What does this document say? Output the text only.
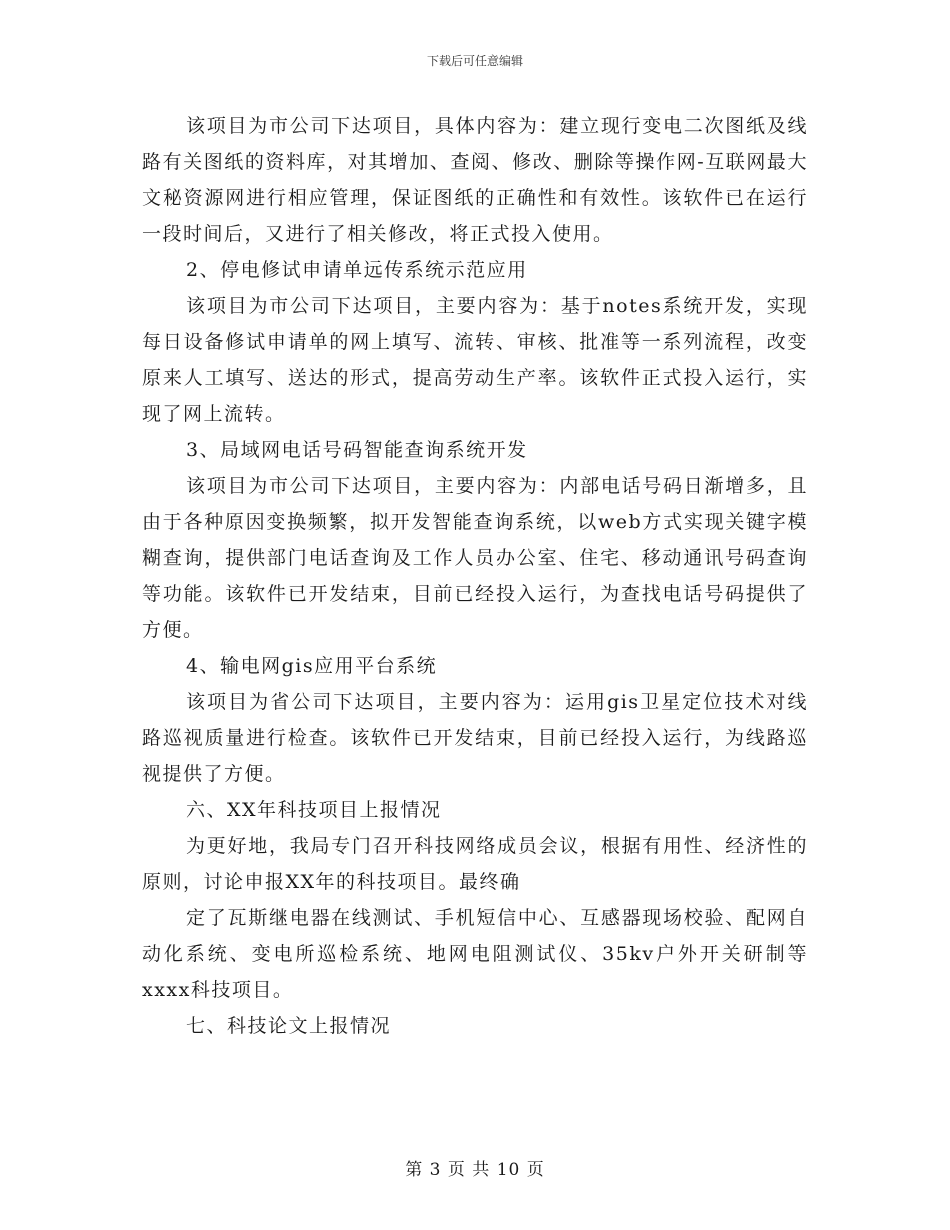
下载后可任意编辑

该项目为市公司下达项目，具体内容为：建立现行变电二次图纸及线路有关图纸的资料库，对其增加、查阅、修改、删除等操作网-互联网最大文秘资源网进行相应管理，保证图纸的正确性和有效性。该软件已在运行一段时间后，又进行了相关修改，将正式投入使用。

2、停电修试申请单远传系统示范应用

该项目为市公司下达项目，主要内容为：基于notes系统开发，实现每日设备修试申请单的网上填写、流转、审核、批准等一系列流程，改变原来人工填写、送达的形式，提高劳动生产率。该软件正式投入运行，实现了网上流转。

3、局域网电话号码智能查询系统开发

该项目为市公司下达项目，主要内容为：内部电话号码日渐增多，且由于各种原因变换频繁，拟开发智能查询系统，以web方式实现关键字模糊查询，提供部门电话查询及工作人员办公室、住宅、移动通讯号码查询等功能。该软件已开发结束，目前已经投入运行，为查找电话号码提供了方便。

4、输电网gis应用平台系统

该项目为省公司下达项目，主要内容为：运用gis卫星定位技术对线路巡视质量进行检查。该软件已开发结束，目前已经投入运行，为线路巡视提供了方便。

六、XX年科技项目上报情况

为更好地，我局专门召开科技网络成员会议，根据有用性、经济性的原则，讨论申报XX年的科技项目。最终确

定了瓦斯继电器在线测试、手机短信中心、互感器现场校验、配网自动化系统、变电所巡检系统、地网电阻测试仪、35kv户外开关研制等xxxx科技项目。

七、科技论文上报情况

第 3 页 共 10 页
